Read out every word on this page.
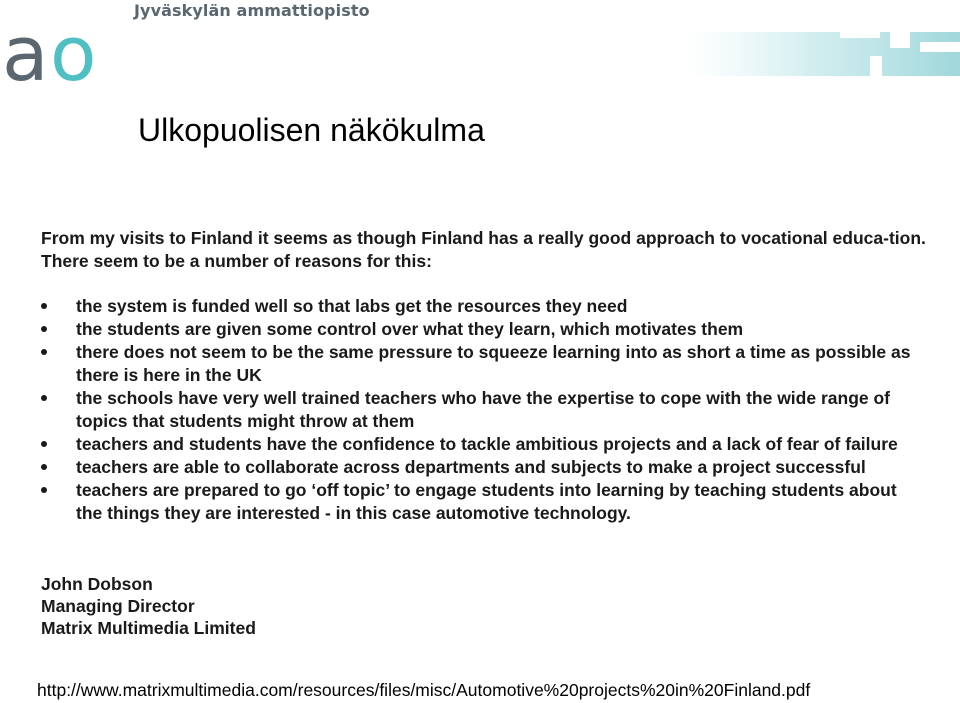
a o Jyväskylän ammattiopisto
Ulkopuolisen näkökulma

From my visits to Finland it seems as though Finland has a really good approach to vocational educa-tion. There seem to be a number of reasons for this:

the system is funded well so that labs get the resources they need
the students are given some control over what they learn, which motivates them
there does not seem to be the same pressure to squeeze learning into as short a time as possible as there is here in the UK
the schools have very well trained teachers who have the expertise to cope with the wide range of topics that students might throw at them
teachers and students have the confidence to tackle ambitious projects and a lack of fear of failure
teachers are able to collaborate across departments and subjects to make a project successful
teachers are prepared to go ‘off topic’ to engage students into learning by teaching students about the things they are interested - in this case automotive technology.
John Dobson
Managing Director
Matrix Multimedia Limited
http://www.matrixmultimedia.com/resources/files/misc/Automotive%20projects%20in%20Finland.pdf
